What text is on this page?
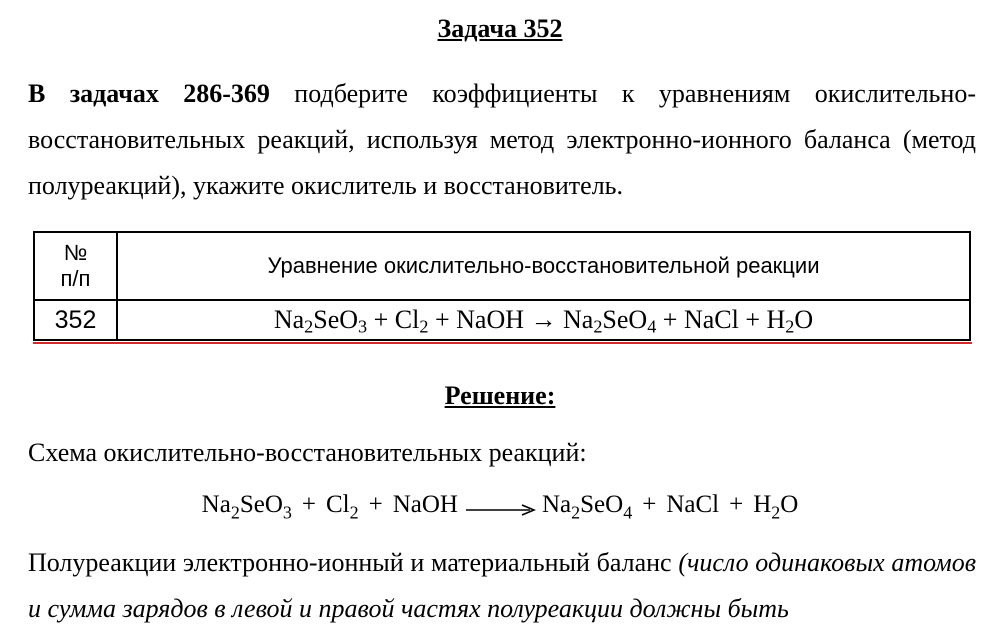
Задача 352
В задачах 286-369 подберите коэффициенты к уравнениям окислительно-восстановительных реакций, используя метод электронно-ионного баланса (метод полуреакций), укажите окислитель и восстановитель.
№
п/п	Уравнение окислительно-восстановительной реакции
352	$Na_2SeO_3 + Cl_2$ + NaOH → $Na_2SeO_4$ + NaCl + $H_2O$
Решение:
Схема окислительно-восстановительных реакций:
$Na_2SeO_3 + Cl_2$ + NaOH → $Na_2SeO_4$ + NaCl + $H_2O$
Полуреакции электронно-ионный и материальный баланс (число одинаковых атомов и сумма зарядов в левой и правой частях полуреакции должны быть
